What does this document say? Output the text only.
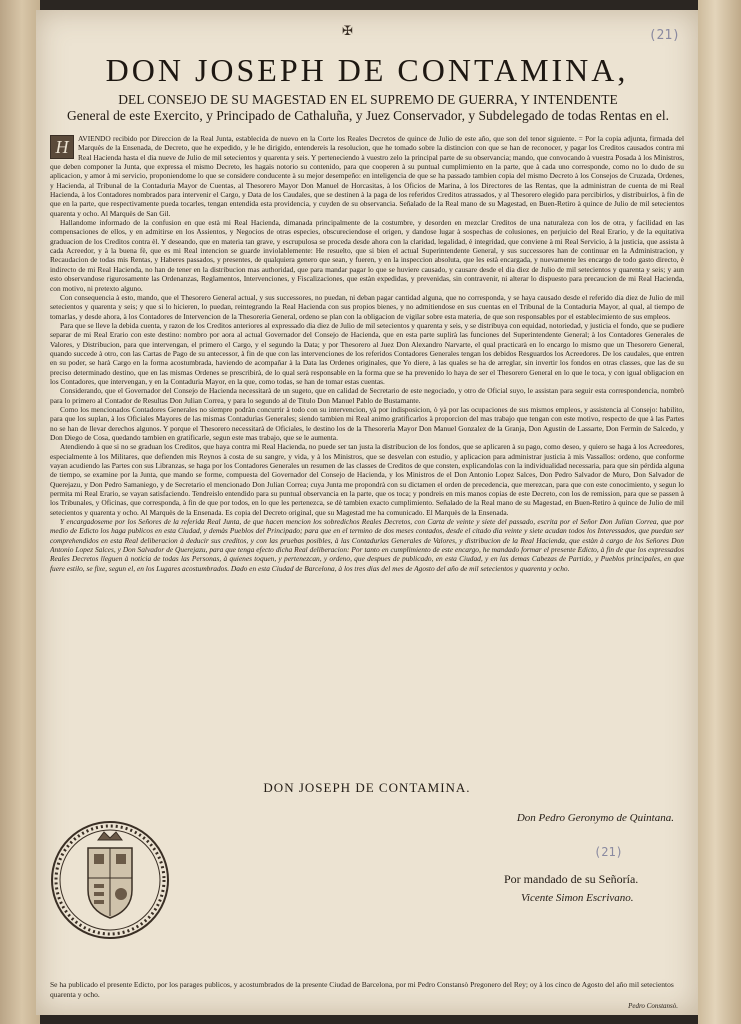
✠	(21)
DON JOSEPH DE CONTAMINA,
DEL CONSEJO DE SU MAGESTAD EN EL SUPREMO DE GUERRA, Y INTENDENTE
General de este Exercito, y Principado de Cathaluña, y Juez Conservador, y Subdelegado de todas Rentas en el.
H	AVIENDO recibido por Direccion de la Real Junta, establecida de nuevo en la Corte los Reales Decretos de quince de Julio de este año, que son del tenor siguiente. = Por la copia adjunta, firmada del Marquès de la Ensenada, de Decreto, que he expedido, y le he dirigido, entendereis la resolucion, que he tomado sobre la distincion con que se han de reconocer, y pagar los Creditos causados contra mi Real Hacienda hasta el dia nueve de Julio de mil setecientos y quarenta y seis. Y perteneciendo à vuestro zelo la principal parte de su observancia; mando, que convocando à vuestra Posada à los Ministros, que deben componer la Junta, que expressa el mismo Decreto, les hagais notorio su contenido, para que cooperen à su puntual cumplimiento en la parte, que à cada uno corresponde, como no lo dudo de su aplicacion, y amor à mi servicio, proponiendome lo que se considere conducente à su mejor desempeño: en inteligencia de que se ha passado tambien copia del mismo Decreto à los Consejos de Cruzada, Ordenes, y Hacienda, al Tribunal de la Contaduria Mayor de Cuentas, al Thesorero Mayor Don Manuel de Horcasitas, à los Oficios de Marina, à los Directores de las Rentas, que la administran de cuenta de mi Real Hacienda, à los Contadores nombrados para intervenir el Cargo, y Data de los Caudales, que se destinen à la paga de los referidos Creditos atrassados, y al Thesorero elegido para percibirlos, y distribuirlos, à fin de que en la parte, que respectivamente pueda tocarles, tengan entendida esta providencia, y cuyden de su observancia. Señalado de la Real mano de su Magestad, en Buen-Retiro à quince de Julio de mil setecientos quarenta y ocho. Al Marquès de San Gil.

Hallandome informado de la confusion en que està mi Real Hacienda, dimanada principalmente de la costumbre, y desorden en mezclar Creditos de una naturaleza con los de otra, y facilidad en las compensaciones de ellos, y en admitirse en los Assientos, y Negocios de otras especies, obscureciendose el origen, y dandose lugar à sospechas de colusiones, en perjuicio del Real Erario, y de la equitativa graduacion de los Creditos contra èl. Y deseando, que en materia tan grave, y escrupulosa se proceda desde ahora con la claridad, legalidad, è integridad, que conviene à mi Real Servicio, à la justicia, que assista à cada Acreedor, y à la buena fè, que es mi Real intencion se guarde inviolablemente: He resuelto, que si bien el actual Superintendente General, y sus successores han de continuar en la Administracion, y Recaudacion de todas mis Rentas, y Haberes passados, y presentes, de qualquiera genero que sean, y fueren, y en la inspeccion absoluta, que les està encargada, y nuevamente les encargo de todo gasto directo, è indirecto de mi Real Hacienda, no han de tener en la distribucion mas authoridad, que para mandar pagar lo que se huviere causado, y causare desde el dia diez de Julio de mil setecientos y quarenta y seis; y aun esto observandose rigurosamente las Ordenanzas, Reglamentos, Intervenciones, y Fiscalizaciones, que estàn expedidas, y prevenidas, sin contravenir, ni alterar lo dispuesto para precaucion de mi Real Hacienda, con motivo, ni pretexto alguno.

Con consequencia à esto, mando, que el Thesorero General actual, y sus successores, no puedan, ni deban pagar cantidad alguna, que no corresponda, y se haya causado desde el referido dia diez de Julio de mil setecientos y quarenta y seis; y que si lo hicieren, lo puedan, reintegrando la Real Hacienda con sus propios bienes, y no admitiendose en sus cuentas en el Tribunal de la Contaduria Mayor, al qual, al tiempo de tomarlas, y desde ahora, à los Contadores de Intervencion de la Thesoreria General, ordeno se plan con la obligacion de vigilar sobre esta materia, de que son responsables por el establecimiento de sus empleos.

Para que se lleve la debida cuenta, y razon de los Creditos anteriores al expressado dia diez de Julio de mil setecientos y quarenta y seis, y se distribuya con equidad, notoriedad, y justicia el fondo, que se pudiere separar de mi Real Erario con este destino: nombro por aora al actual Governador del Consejo de Hacienda, que en esta parte suplirà las funciones del Superintendente General; à los Contadores Generales de Valores, y Distribucion, para que intervengan, el primero el Cargo, y el segundo la Data; y por Thesorero al Juez Don Alexandro Narvarte, el qual practicarà en lo encargo lo mismo que un Thesorero General, quando succede à otro, con las Cartas de Pago de su antecessor, à fin de que con las intervenciones de los referidos Contadores Generales tengan los debidos Resguardos los Acreedores. De los caudales, que entren en su poder, se harà Cargo en la forma acostumbrada, haviendo de acompañar à la Data las Ordenes originales, que Yo diere, à las quales se ha de arreglar, sin invertir los fondos en otras classes, que las de su preciso determinado destino, que en las mismas Ordenes se prescribirà, de lo qual serà responsable en la forma que se ha prevenido lo haya de ser el Thesorero General en lo que le toca, y con igual obligacion en los Contadores, que intervengan, y en la Contaduria Mayor, en la que, como todas, se han de tomar estas cuentas.

Considerando, que el Governador del Consejo de Hacienda necessitarà de un sugeto, que en calidad de Secretario de este negociado, y otro de Oficial suyo, le assistan para seguir esta correspondencia, nombrò para lo primero al Contador de Resultas Don Julian Correa, y para lo segundo al de Titulo Don Manuel Pablo de Bustamante.

Como los mencionados Contadores Generales no siempre podràn concurrir à todo con su intervencion, yà por indisposicion, ò yà por las ocupaciones de sus mismos empleos, y assistencia al Consejo: habilito, para que los suplan, à los Oficiales Mayores de las mismas Contadurìas Generales; siendo tambien mi Real animo gratificarlos à proporcion del mas trabajo que tengan con este motivo, respecto de que à las Partes no se han de llevar derechos algunos. Y porque el Thesorero necessitarà de Oficiales, le destino los de la Thesorerìa Mayor Don Manuel Gonzalez de la Granja, Don Agustin de Lassarte, Don Fermin de Salcedo, y Don Diego de Cosa, quedando tambien en gratificarle, segun este mas trabajo, que se le aumenta.

Atendiendo à que si no se graduan los Creditos, que haya contra mi Real Hacienda, no puede ser tan justa la distribucion de los fondos, que se aplicaren à su pago, como deseo, y quiero se haga à los Acreedores, especialmente à los Militares, que defienden mis Reynos à costa de su sangre, y vida, y à los Ministros, que se desvelan con estudio, y aplicacion para administrar justicia à mis Vassallos: ordeno, que conforme vayan acudiendo las Partes con sus Libranzas, se haga por los Contadores Generales un resumen de las classes de Creditos de que consten, explicandolas con la individualidad necessaria, para que sin pérdida alguna de tiempo, se examine por la Junta, que mando se forme, compuesta del Governador del Consejo de Hacienda, y los Ministros de el Don Antonio Lopez Salces, Don Pedro Salvador de Muro, Don Salvador de Querejazu, y Don Pedro Samaniego, y de Secretario el mencionado Don Julian Correa; cuya Junta me propondrà con su dictamen el orden de precedencia, que merezcan, para que con este conocimiento, y segun lo permita mi Real Erario, se vayan satisfaciendo. Tendreislo entendido para su puntual observancia en la parte, que os toca; y pondreis en mis manos copias de este Decreto, con los de remission, para que se passen à los Tribunales, y Oficinas, que corresponda, à fin de que por todos, en lo que les pertenezca, se dè tambien exacto cumplimiento. Señalado de la Real mano de su Magestad, en Buen-Retiro à quince de Julio de mil setecientos y quarenta y ocho. Al Marquès de la Ensenada. Es copia del Decreto original, que su Magestad me ha comunicado. El Marquès de la Ensenada.

Y encargadoseme por los Señores de la referida Real Junta, de que hacen mencion los sobredichos Reales Decretos, con Carta de veinte y siete del passado, escrita por el Señor Don Julian Correa, que por medio de Edicto los haga publicos en esta Ciudad, y demàs Pueblos del Principado; para que en el termino de dos meses contados, desde el citado dia veinte y siete acudan todos los Interessados, que puedan ser comprehendidos en esta Real deliberacion à deducir sus creditos, y con las pruebas posibles, à las Contadurìas Generales de Valores, y distribucion de la Real Hacienda, que estàn à cargo de los Señores Don Antonio Lopez Salces, y Don Salvador de Querejazu, para que tenga efecto dicha Real deliberacion: Por tanto en cumplimiento de este encargo, he mandado formar el presente Edicto, à fin de que los expressados Reales Decretos lleguen à noticia de todas las Personas, à quienes toquen, y pertenezcan, y ordeno, que despues de publicado, en esta Ciudad, y en las demas Cabezas de Partido, y Pueblos principales, en que fuere estilo, se fixe, segun el, en los Lugares acostumbrados. Dado en esta Ciudad de Barcelona, à los tres dias del mes de Agosto del año de mil setecientos y quarenta y ocho.

DON JOSEPH DE CONTAMINA.
Don Pedro Geronymo de Quintana.
(21)
Por mandado de su Señoría.
Vicente Simon Escrivano.
Se ha publicado el presente Edicto, por los parages publicos, y acostumbrados de la presente Ciudad de Barcelona, por mi Pedro Constansò Pregonero del Rey; oy à los cinco de Agosto del año mil setecientos quarenta y ocho.
Pedro Constansò.
